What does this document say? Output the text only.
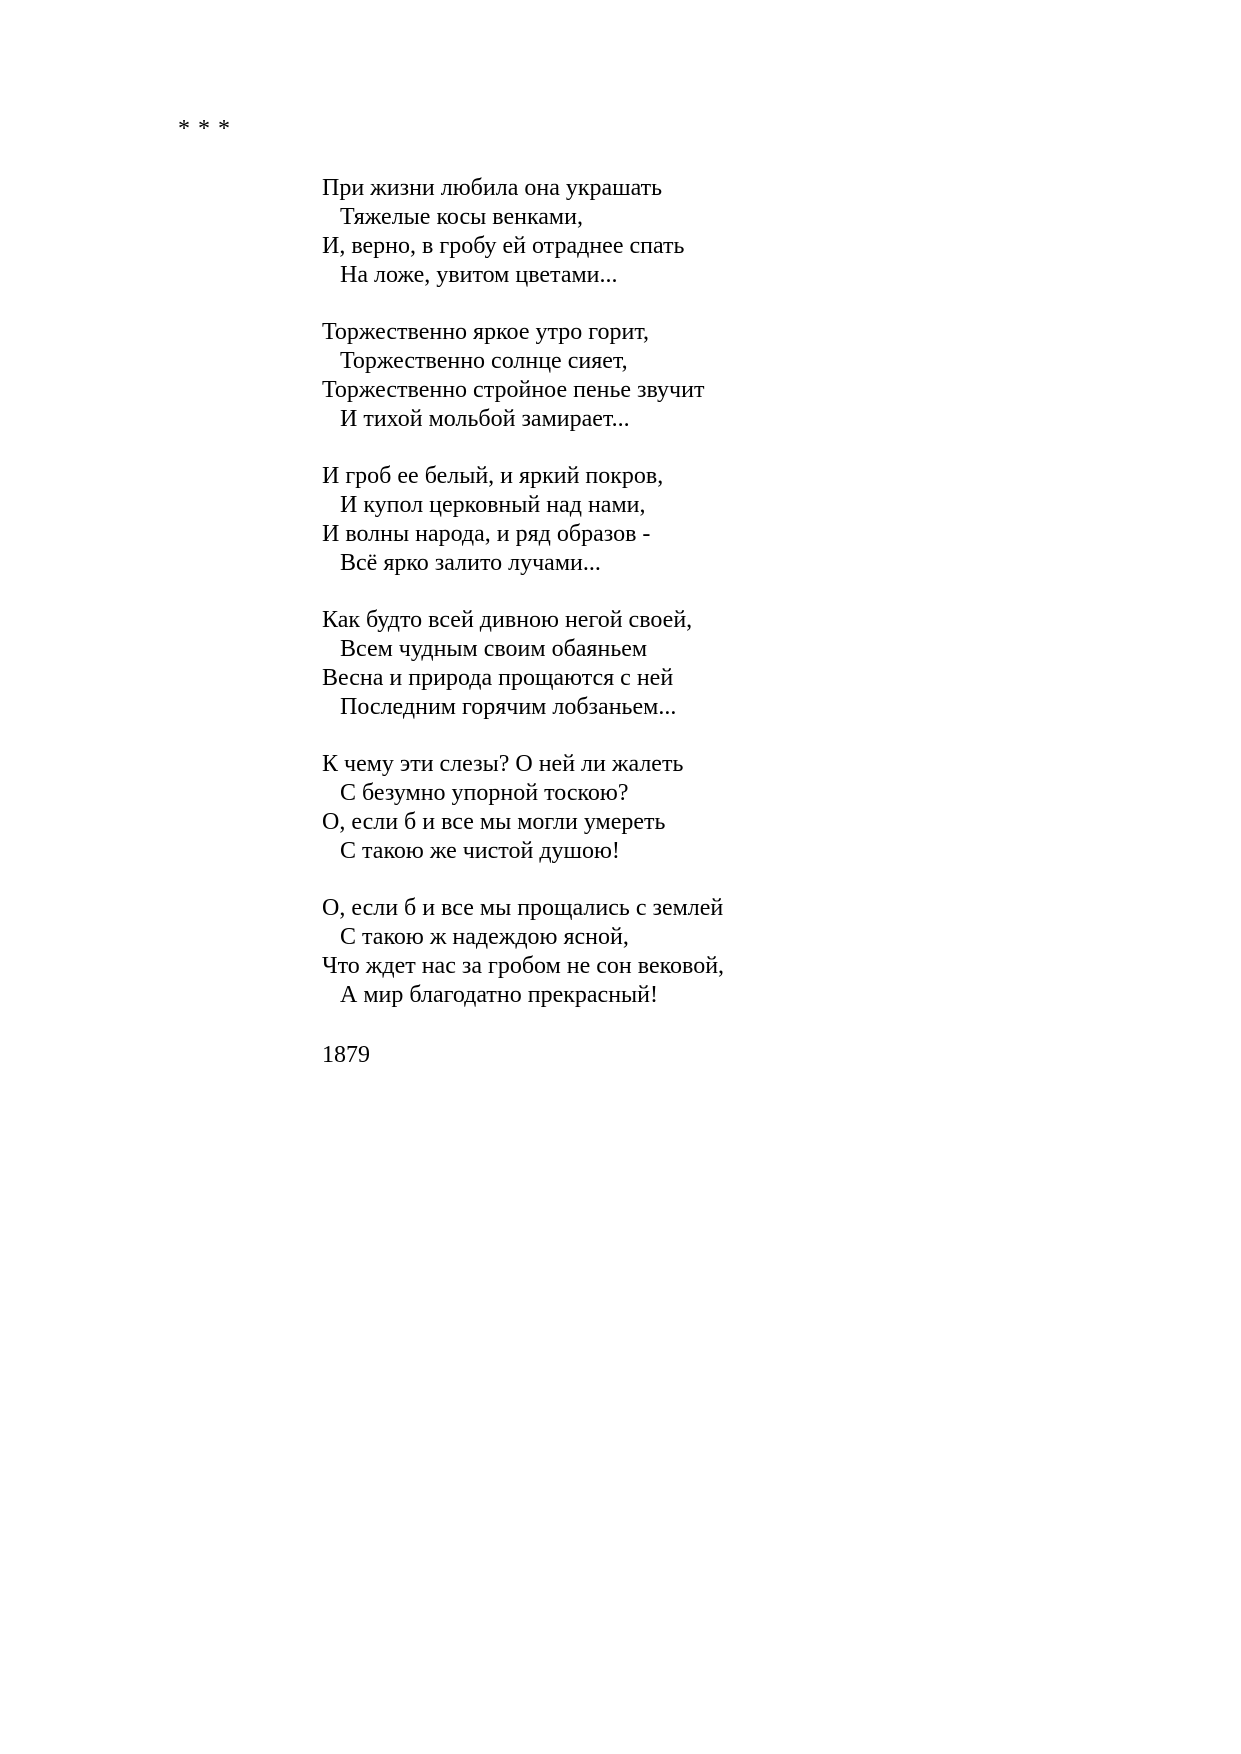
* * *
При жизни любила она украшать
Тяжелые косы венками,
И, верно, в гробу ей отраднее спать
На ложе, увитом цветами...
Торжественно яркое утро горит,
Торжественно солнце сияет,
Торжественно стройное пенье звучит
И тихой мольбой замирает...
И гроб ее белый, и яркий покров,
И купол церковный над нами,
И волны народа, и ряд образов -
Всё ярко залито лучами...
Как будто всей дивною негой своей,
Всем чудным своим обаяньем
Весна и природа прощаются с ней
Последним горячим лобзаньем...
К чему эти слезы? О ней ли жалеть
С безумно упорной тоскою?
О, если б и все мы могли умереть
С такою же чистой душою!
О, если б и все мы прощались с землей
С такою ж надеждою ясной,
Что ждет нас за гробом не сон вековой,
А мир благодатно прекрасный!
1879
